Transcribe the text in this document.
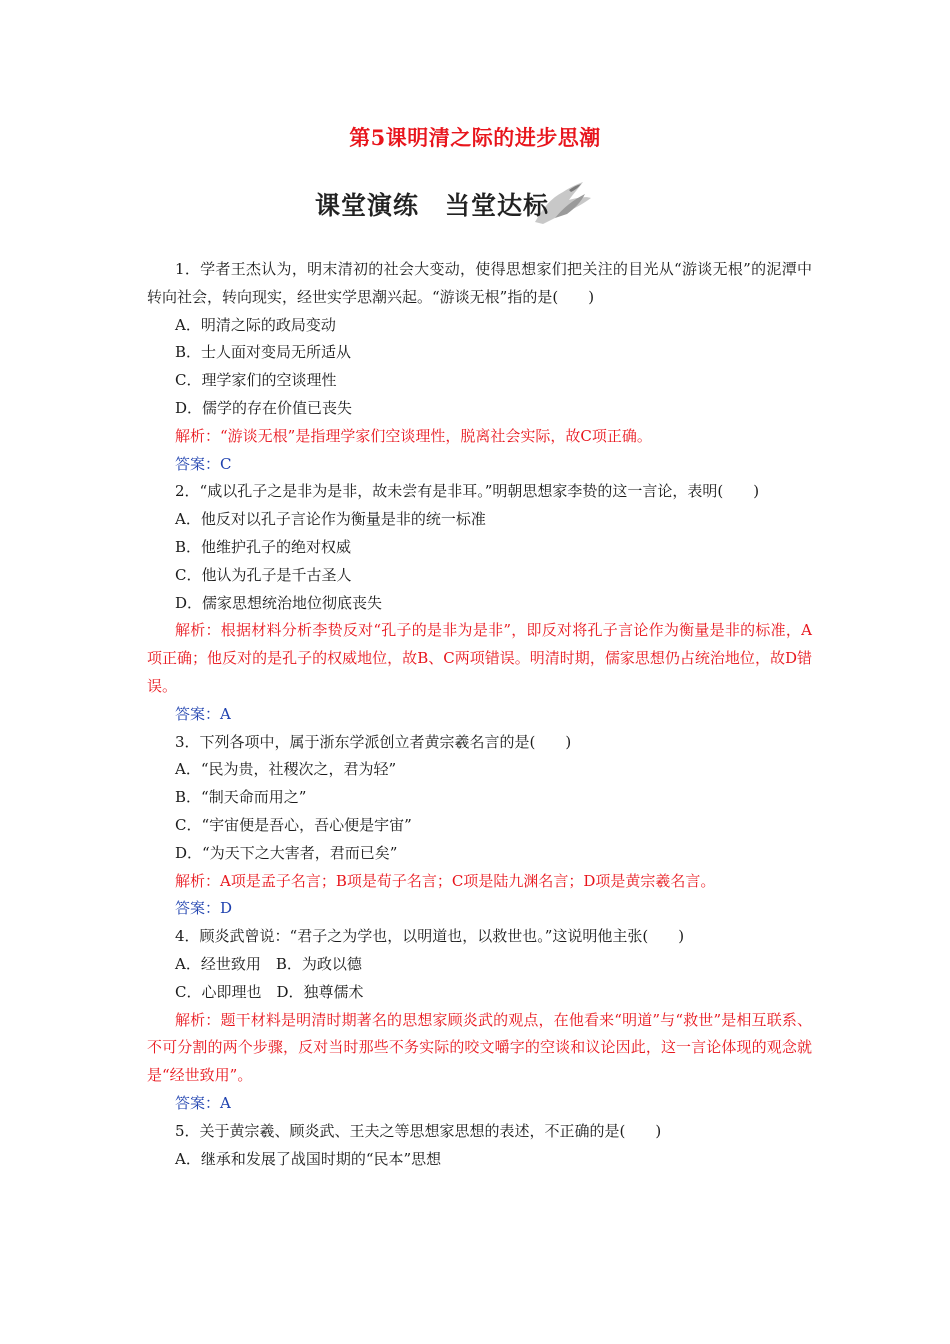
第5课明清之际的进步思潮
课堂演练　当堂达标
1．学者王杰认为，明末清初的社会大变动，使得思想家们把关注的目光从“游谈无根”的泥潭中转向社会，转向现实，经世实学思潮兴起。“游谈无根”指的是(　　)
A．明清之际的政局变动
B．士人面对变局无所适从
C．理学家们的空谈理性
D．儒学的存在价值已丧失
解析：“游谈无根”是指理学家们空谈理性，脱离社会实际，故C项正确。
答案：C
2．“咸以孔子之是非为是非，故未尝有是非耳。”明朝思想家李贽的这一言论，表明(　　)
A．他反对以孔子言论作为衡量是非的统一标准
B．他维护孔子的绝对权威
C．他认为孔子是千古圣人
D．儒家思想统治地位彻底丧失
解析：根据材料分析李贽反对“孔子的是非为是非”，即反对将孔子言论作为衡量是非的标准，A项正确；他反对的是孔子的权威地位，故B、C两项错误。明清时期，儒家思想仍占统治地位，故D错误。
答案：A
3．下列各项中，属于浙东学派创立者黄宗羲名言的是(　　)
A．“民为贵，社稷次之，君为轻”
B．“制天命而用之”
C．“宇宙便是吾心，吾心便是宇宙”
D．“为天下之大害者，君而已矣”
解析：A项是孟子名言；B项是荀子名言；C项是陆九渊名言；D项是黄宗羲名言。
答案：D
4．顾炎武曾说：“君子之为学也，以明道也，以救世也。”这说明他主张(　　)
A．经世致用　B．为政以德
C．心即理也　D．独尊儒术
解析：题干材料是明清时期著名的思想家顾炎武的观点，在他看来“明道”与“救世”是相互联系、不可分割的两个步骤，反对当时那些不务实际的咬文嚼字的空谈和议论因此，这一言论体现的观念就是“经世致用”。
答案：A
5．关于黄宗羲、顾炎武、王夫之等思想家思想的表述，不正确的是(　　)
A．继承和发展了战国时期的“民本”思想
